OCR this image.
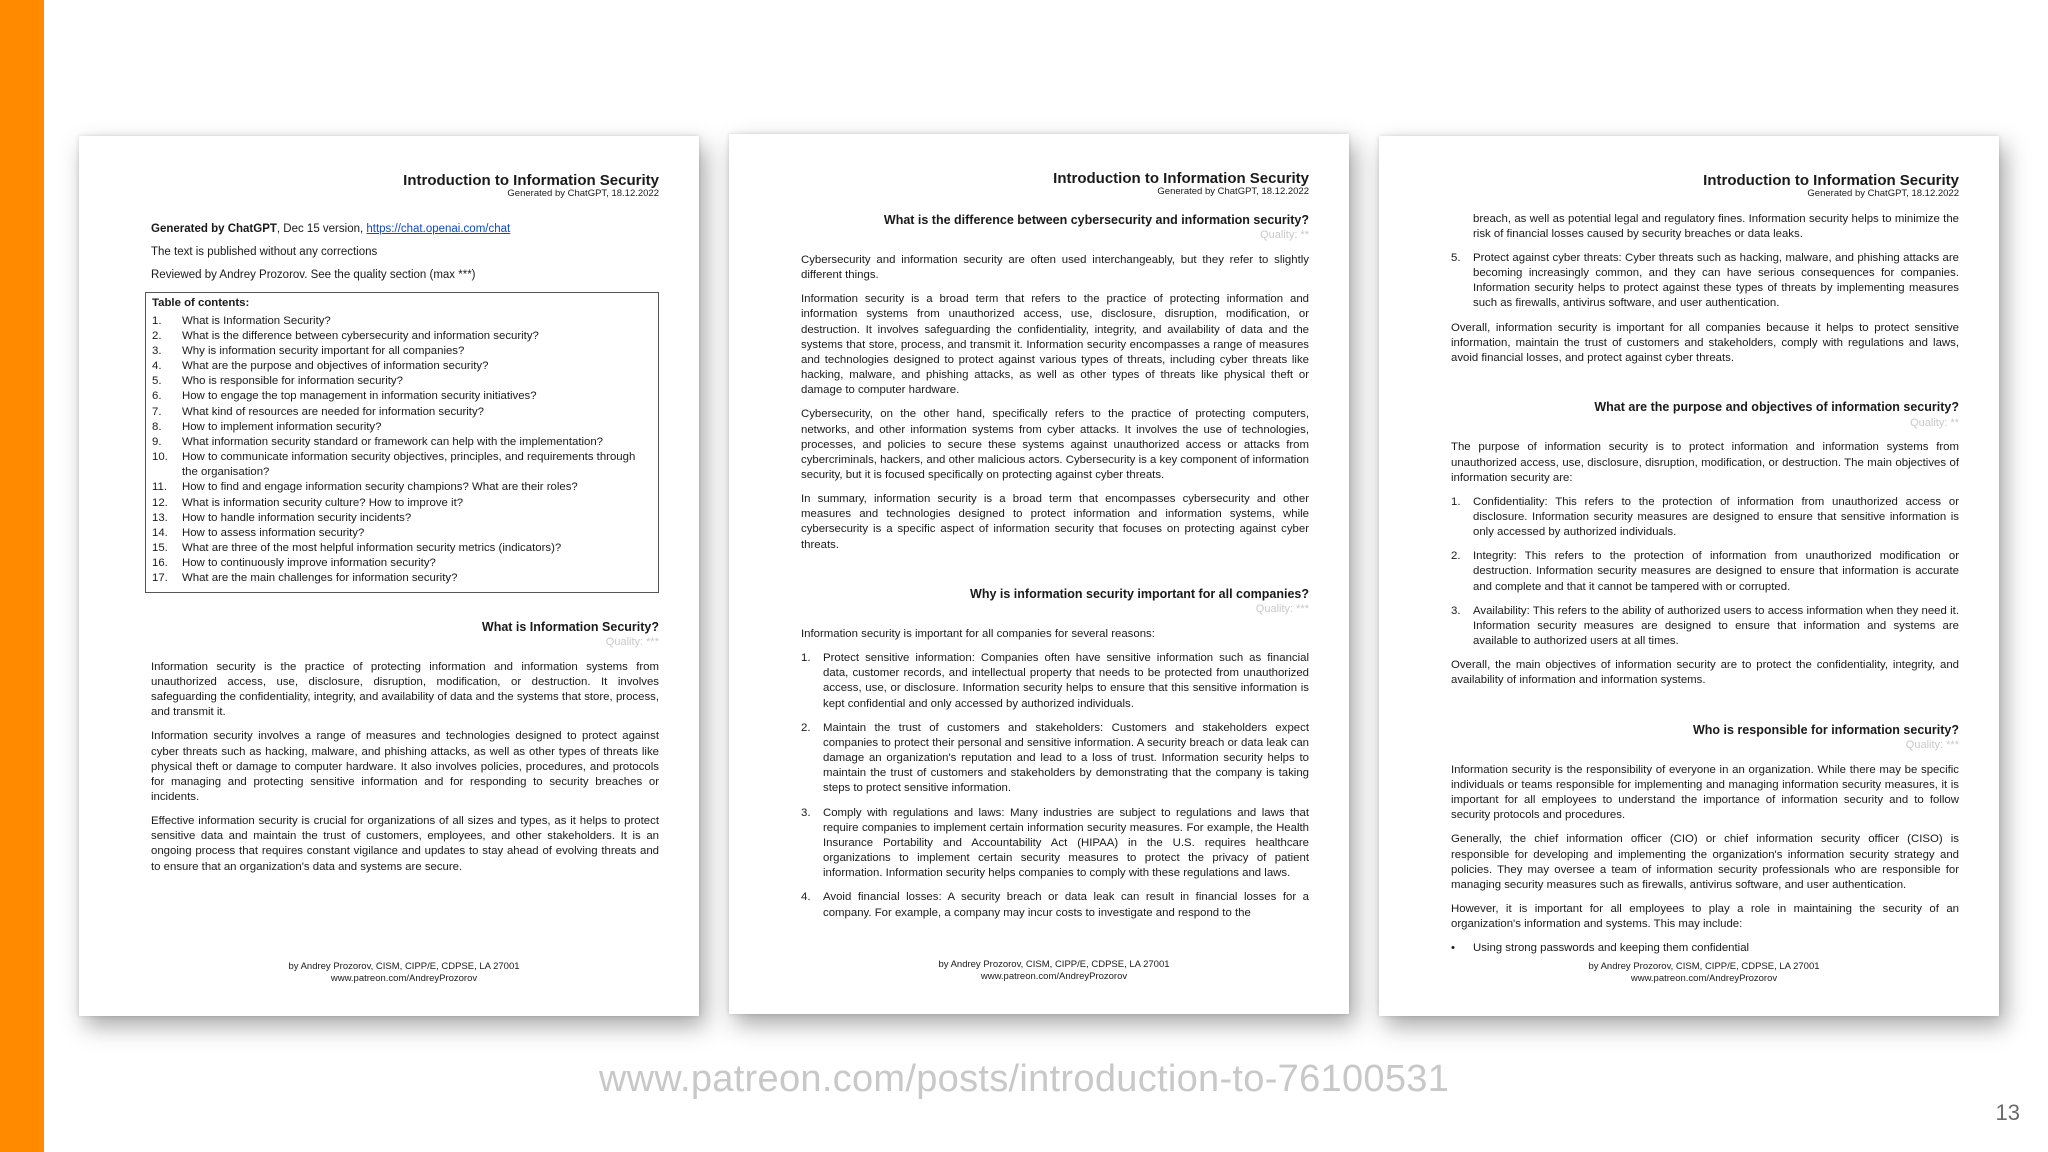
Introduction to Information Security
Generated by ChatGPT, 18.12.2022
Generated by ChatGPT, Dec 15 version, https://chat.openai.com/chat
The text is published without any corrections
Reviewed by Andrey Prozorov. See the quality section (max ***)
Table of contents:
1.	What is Information Security?
2.	What is the difference between cybersecurity and information security?
3.	Why is information security important for all companies?
4.	What are the purpose and objectives of information security?
5.	Who is responsible for information security?
6.	How to engage the top management in information security initiatives?
7.	What kind of resources are needed for information security?
8.	How to implement information security?
9.	What information security standard or framework can help with the implementation?
10.	How to communicate information security objectives, principles, and requirements through the organisation?
11.	How to find and engage information security champions? What are their roles?
12.	What is information security culture? How to improve it?
13.	How to handle information security incidents?
14.	How to assess information security?
15.	What are three of the most helpful information security metrics (indicators)?
16.	How to continuously improve information security?
17.	What are the main challenges for information security?
What is Information Security?
Quality: ***
Information security is the practice of protecting information and information systems from unauthorized access, use, disclosure, disruption, modification, or destruction. It involves safeguarding the confidentiality, integrity, and availability of data and the systems that store, process, and transmit it.
Information security involves a range of measures and technologies designed to protect against cyber threats such as hacking, malware, and phishing attacks, as well as other types of threats like physical theft or damage to computer hardware. It also involves policies, procedures, and protocols for managing and protecting sensitive information and for responding to security breaches or incidents.
Effective information security is crucial for organizations of all sizes and types, as it helps to protect sensitive data and maintain the trust of customers, employees, and other stakeholders. It is an ongoing process that requires constant vigilance and updates to stay ahead of evolving threats and to ensure that an organization's data and systems are secure.
by Andrey Prozorov, CISM, CIPP/E, CDPSE, LA 27001
www.patreon.com/AndreyProzorov
Introduction to Information Security
Generated by ChatGPT, 18.12.2022
What is the difference between cybersecurity and information security?
Quality: **
Cybersecurity and information security are often used interchangeably, but they refer to slightly different things.
Information security is a broad term that refers to the practice of protecting information and information systems from unauthorized access, use, disclosure, disruption, modification, or destruction. It involves safeguarding the confidentiality, integrity, and availability of data and the systems that store, process, and transmit it. Information security encompasses a range of measures and technologies designed to protect against various types of threats, including cyber threats like hacking, malware, and phishing attacks, as well as other types of threats like physical theft or damage to computer hardware.
Cybersecurity, on the other hand, specifically refers to the practice of protecting computers, networks, and other information systems from cyber attacks. It involves the use of technologies, processes, and policies to secure these systems against unauthorized access or attacks from cybercriminals, hackers, and other malicious actors. Cybersecurity is a key component of information security, but it is focused specifically on protecting against cyber threats.
In summary, information security is a broad term that encompasses cybersecurity and other measures and technologies designed to protect information and information systems, while cybersecurity is a specific aspect of information security that focuses on protecting against cyber threats.
Why is information security important for all companies?
Quality: ***
Information security is important for all companies for several reasons:
1.	Protect sensitive information: Companies often have sensitive information such as financial data, customer records, and intellectual property that needs to be protected from unauthorized access, use, or disclosure. Information security helps to ensure that this sensitive information is kept confidential and only accessed by authorized individuals.
2.	Maintain the trust of customers and stakeholders: Customers and stakeholders expect companies to protect their personal and sensitive information. A security breach or data leak can damage an organization's reputation and lead to a loss of trust. Information security helps to maintain the trust of customers and stakeholders by demonstrating that the company is taking steps to protect sensitive information.
3.	Comply with regulations and laws: Many industries are subject to regulations and laws that require companies to implement certain information security measures. For example, the Health Insurance Portability and Accountability Act (HIPAA) in the U.S. requires healthcare organizations to implement certain security measures to protect the privacy of patient information. Information security helps companies to comply with these regulations and laws.
4.	Avoid financial losses: A security breach or data leak can result in financial losses for a company. For example, a company may incur costs to investigate and respond to the
by Andrey Prozorov, CISM, CIPP/E, CDPSE, LA 27001
www.patreon.com/AndreyProzorov
Introduction to Information Security
Generated by ChatGPT, 18.12.2022
breach, as well as potential legal and regulatory fines. Information security helps to minimize the risk of financial losses caused by security breaches or data leaks.
5.	Protect against cyber threats: Cyber threats such as hacking, malware, and phishing attacks are becoming increasingly common, and they can have serious consequences for companies. Information security helps to protect against these types of threats by implementing measures such as firewalls, antivirus software, and user authentication.
Overall, information security is important for all companies because it helps to protect sensitive information, maintain the trust of customers and stakeholders, comply with regulations and laws, avoid financial losses, and protect against cyber threats.
What are the purpose and objectives of information security?
Quality: **
The purpose of information security is to protect information and information systems from unauthorized access, use, disclosure, disruption, modification, or destruction. The main objectives of information security are:
1.	Confidentiality: This refers to the protection of information from unauthorized access or disclosure. Information security measures are designed to ensure that sensitive information is only accessed by authorized individuals.
2.	Integrity: This refers to the protection of information from unauthorized modification or destruction. Information security measures are designed to ensure that information is accurate and complete and that it cannot be tampered with or corrupted.
3.	Availability: This refers to the ability of authorized users to access information when they need it. Information security measures are designed to ensure that information and systems are available to authorized users at all times.
Overall, the main objectives of information security are to protect the confidentiality, integrity, and availability of information and information systems.
Who is responsible for information security?
Quality: ***
Information security is the responsibility of everyone in an organization. While there may be specific individuals or teams responsible for implementing and managing information security measures, it is important for all employees to understand the importance of information security and to follow security protocols and procedures.
Generally, the chief information officer (CIO) or chief information security officer (CISO) is responsible for developing and implementing the organization's information security strategy and policies. They may oversee a team of information security professionals who are responsible for managing security measures such as firewalls, antivirus software, and user authentication.
However, it is important for all employees to play a role in maintaining the security of an organization's information and systems. This may include:
•	Using strong passwords and keeping them confidential
by Andrey Prozorov, CISM, CIPP/E, CDPSE, LA 27001
www.patreon.com/AndreyProzorov
www.patreon.com/posts/introduction-to-76100531
13
